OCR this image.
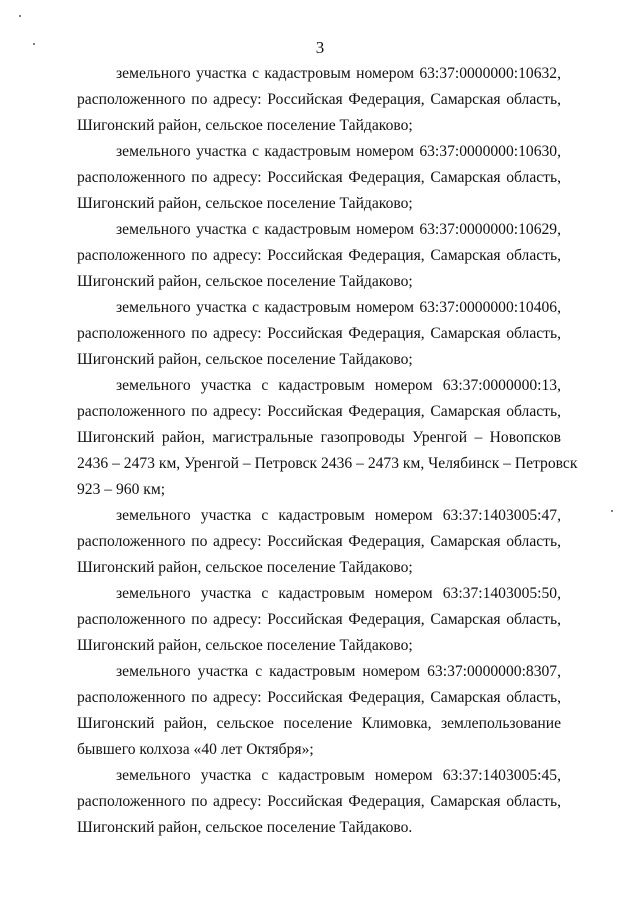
3

земельного участка с кадастровым номером 63:37:0000000:10632,
расположенного по адресу: Российская Федерация, Самарская область,
Шигонский район, сельское поселение Тайдаково;

земельного участка с кадастровым номером 63:37:0000000:10630,
расположенного по адресу: Российская Федерация, Самарская область,
Шигонский район, сельское поселение Тайдаково;

земельного участка с кадастровым номером 63:37:0000000:10629,
расположенного по адресу: Российская Федерация, Самарская область,
Шигонский район, сельское поселение Тайдаково;

земельного участка с кадастровым номером 63:37:0000000:10406,
расположенного по адресу: Российская Федерация, Самарская область,
Шигонский район, сельское поселение Тайдаково;

земельного участка с кадастровым номером 63:37:0000000:13,
расположенного по адресу: Российская Федерация, Самарская область,
Шигонский район, магистральные газопроводы Уренгой – Новопсков
2436 – 2473 км, Уренгой – Петровск 2436 – 2473 км, Челябинск – Петровск
923 – 960 км;

земельного участка с кадастровым номером 63:37:1403005:47,
расположенного по адресу: Российская Федерация, Самарская область,
Шигонский район, сельское поселение Тайдаково;

земельного участка с кадастровым номером 63:37:1403005:50,
расположенного по адресу: Российская Федерация, Самарская область,
Шигонский район, сельское поселение Тайдаково;

земельного участка с кадастровым номером 63:37:0000000:8307,
расположенного по адресу: Российская Федерация, Самарская область,
Шигонский район, сельское поселение Климовка, землепользование
бывшего колхоза «40 лет Октября»;

земельного участка с кадастровым номером 63:37:1403005:45,
расположенного по адресу: Российская Федерация, Самарская область,
Шигонский район, сельское поселение Тайдаково.
